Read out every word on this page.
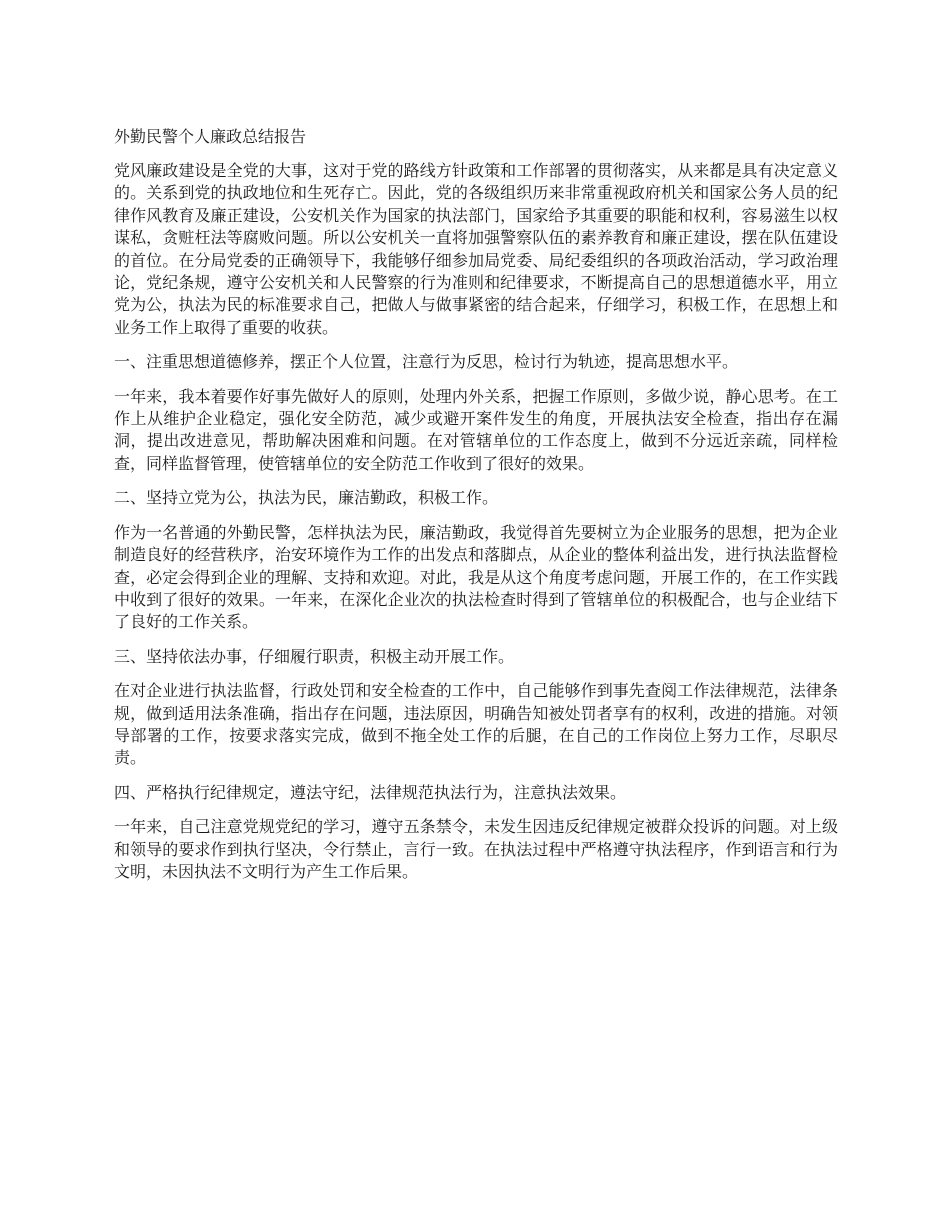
外勤民警个人廉政总结报告

党风廉政建设是全党的大事，这对于党的路线方针政策和工作部署的贯彻落实，从来都是具有决定意义的。关系到党的执政地位和生死存亡。因此，党的各级组织历来非常重视政府机关和国家公务人员的纪律作风教育及廉正建设，公安机关作为国家的执法部门，国家给予其重要的职能和权利，容易滋生以权谋私，贪赃枉法等腐败问题。所以公安机关一直将加强警察队伍的素养教育和廉正建设，摆在队伍建设的首位。在分局党委的正确领导下，我能够仔细参加局党委、局纪委组织的各项政治活动，学习政治理论，党纪条规，遵守公安机关和人民警察的行为准则和纪律要求，不断提高自己的思想道德水平，用立党为公，执法为民的标准要求自己，把做人与做事紧密的结合起来，仔细学习，积极工作，在思想上和业务工作上取得了重要的收获。

一、注重思想道德修养，摆正个人位置，注意行为反思，检讨行为轨迹，提高思想水平。

一年来，我本着要作好事先做好人的原则，处理内外关系，把握工作原则，多做少说，静心思考。在工作上从维护企业稳定，强化安全防范，减少或避开案件发生的角度，开展执法安全检查，指出存在漏洞，提出改进意见，帮助解决困难和问题。在对管辖单位的工作态度上，做到不分远近亲疏，同样检查，同样监督管理，使管辖单位的安全防范工作收到了很好的效果。

二、坚持立党为公，执法为民，廉洁勤政，积极工作。

作为一名普通的外勤民警，怎样执法为民，廉洁勤政，我觉得首先要树立为企业服务的思想，把为企业制造良好的经营秩序，治安环境作为工作的出发点和落脚点，从企业的整体利益出发，进行执法监督检查，必定会得到企业的理解、支持和欢迎。对此，我是从这个角度考虑问题，开展工作的，在工作实践中收到了很好的效果。一年来，在深化企业次的执法检查时得到了管辖单位的积极配合，也与企业结下了良好的工作关系。

三、坚持依法办事，仔细履行职责，积极主动开展工作。

在对企业进行执法监督，行政处罚和安全检查的工作中，自己能够作到事先查阅工作法律规范，法律条规，做到适用法条准确，指出存在问题，违法原因，明确告知被处罚者享有的权利，改进的措施。对领导部署的工作，按要求落实完成，做到不拖全处工作的后腿，在自己的工作岗位上努力工作，尽职尽责。

四、严格执行纪律规定，遵法守纪，法律规范执法行为，注意执法效果。

一年来，自己注意党规党纪的学习，遵守五条禁令，未发生因违反纪律规定被群众投诉的问题。对上级和领导的要求作到执行坚决，令行禁止，言行一致。在执法过程中严格遵守执法程序，作到语言和行为文明，未因执法不文明行为产生工作后果。
